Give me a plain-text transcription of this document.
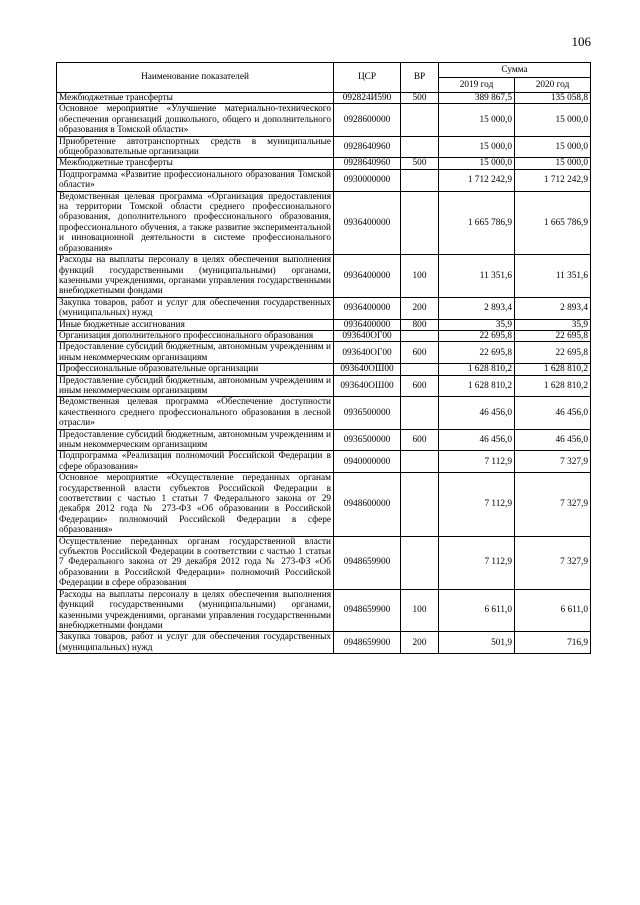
106
Наименование показателей	ЦСР	ВР	Сумма	
			2019 год	2020 год
Межбюджетные трансферты	092824И590	500	389 867,5	135 058,8
Основное мероприятие «Улучшение материально-технического обеспечения организаций дошкольного, общего и дополнительного образования в Томской области»	0928600000		15 000,0	15 000,0
Приобретение автотранспортных средств в муниципальные общеобразовательные организации	0928640960		15 000,0	15 000,0
Межбюджетные трансферты	0928640960	500	15 000,0	15 000,0
Подпрограмма «Развитие профессионального образования Томской области»	0930000000		1 712 242,9	1 712 242,9
Ведомственная целевая программа «Организация предоставления на территории Томской области среднего профессионального образования, дополнительного профессионального образования, профессионального обучения, а также развитие экспериментальной и инновационной деятельности в системе профессионального образования»	0936400000		1 665 786,9	1 665 786,9
Расходы на выплаты персоналу в целях обеспечения выполнения функций государственными (муниципальными) органами, казенными учреждениями, органами управления государственными внебюджетными фондами	0936400000	100	11 351,6	11 351,6
Закупка товаров, работ и услуг для обеспечения государственных (муниципальных) нужд	0936400000	200	2 893,4	2 893,4
Иные бюджетные ассигнования	0936400000	800	35,9	35,9
Организация дополнительного профессионального образования	093640ОГ00		22 695,8	22 695,8
Предоставление субсидий бюджетным, автономным учреждениям и иным некоммерческим организациям	093640ОГ00	600	22 695,8	22 695,8
Профессиональные образовательные организации	093640ОШ00		1 628 810,2	1 628 810,2
Предоставление субсидий бюджетным, автономным учреждениям и иным некоммерческим организациям	093640ОШ00	600	1 628 810,2	1 628 810,2
Ведомственная целевая программа «Обеспечение доступности качественного среднего профессионального образования в лесной отрасли»	0936500000		46 456,0	46 456,0
Предоставление субсидий бюджетным, автономным учреждениям и иным некоммерческим организациям	0936500000	600	46 456,0	46 456,0
Подпрограмма «Реализация полномочий Российской Федерации в сфере образования»	0940000000		7 112,9	7 327,9
Основное мероприятие «Осуществление переданных органам государственной власти субъектов Российской Федерации в соответствии с частью 1 статьи 7 Федерального закона от 29 декабря 2012 года № 273-ФЗ «Об образовании в Российской Федерации» полномочий Российской Федерации в сфере образования»	0948600000		7 112,9	7 327,9
Осуществление переданных органам государственной власти субъектов Российской Федерации в соответствии с частью 1 статьи 7 Федерального закона от 29 декабря 2012 года № 273-ФЗ «Об образовании в Российской Федерации» полномочий Российской Федерации в сфере образования	0948659900		7 112,9	7 327,9
Расходы на выплаты персоналу в целях обеспечения выполнения функций государственными (муниципальными) органами, казенными учреждениями, органами управления государственными внебюджетными фондами	0948659900	100	6 611,0	6 611,0
Закупка товаров, работ и услуг для обеспечения государственных (муниципальных) нужд	0948659900	200	501,9	716,9
